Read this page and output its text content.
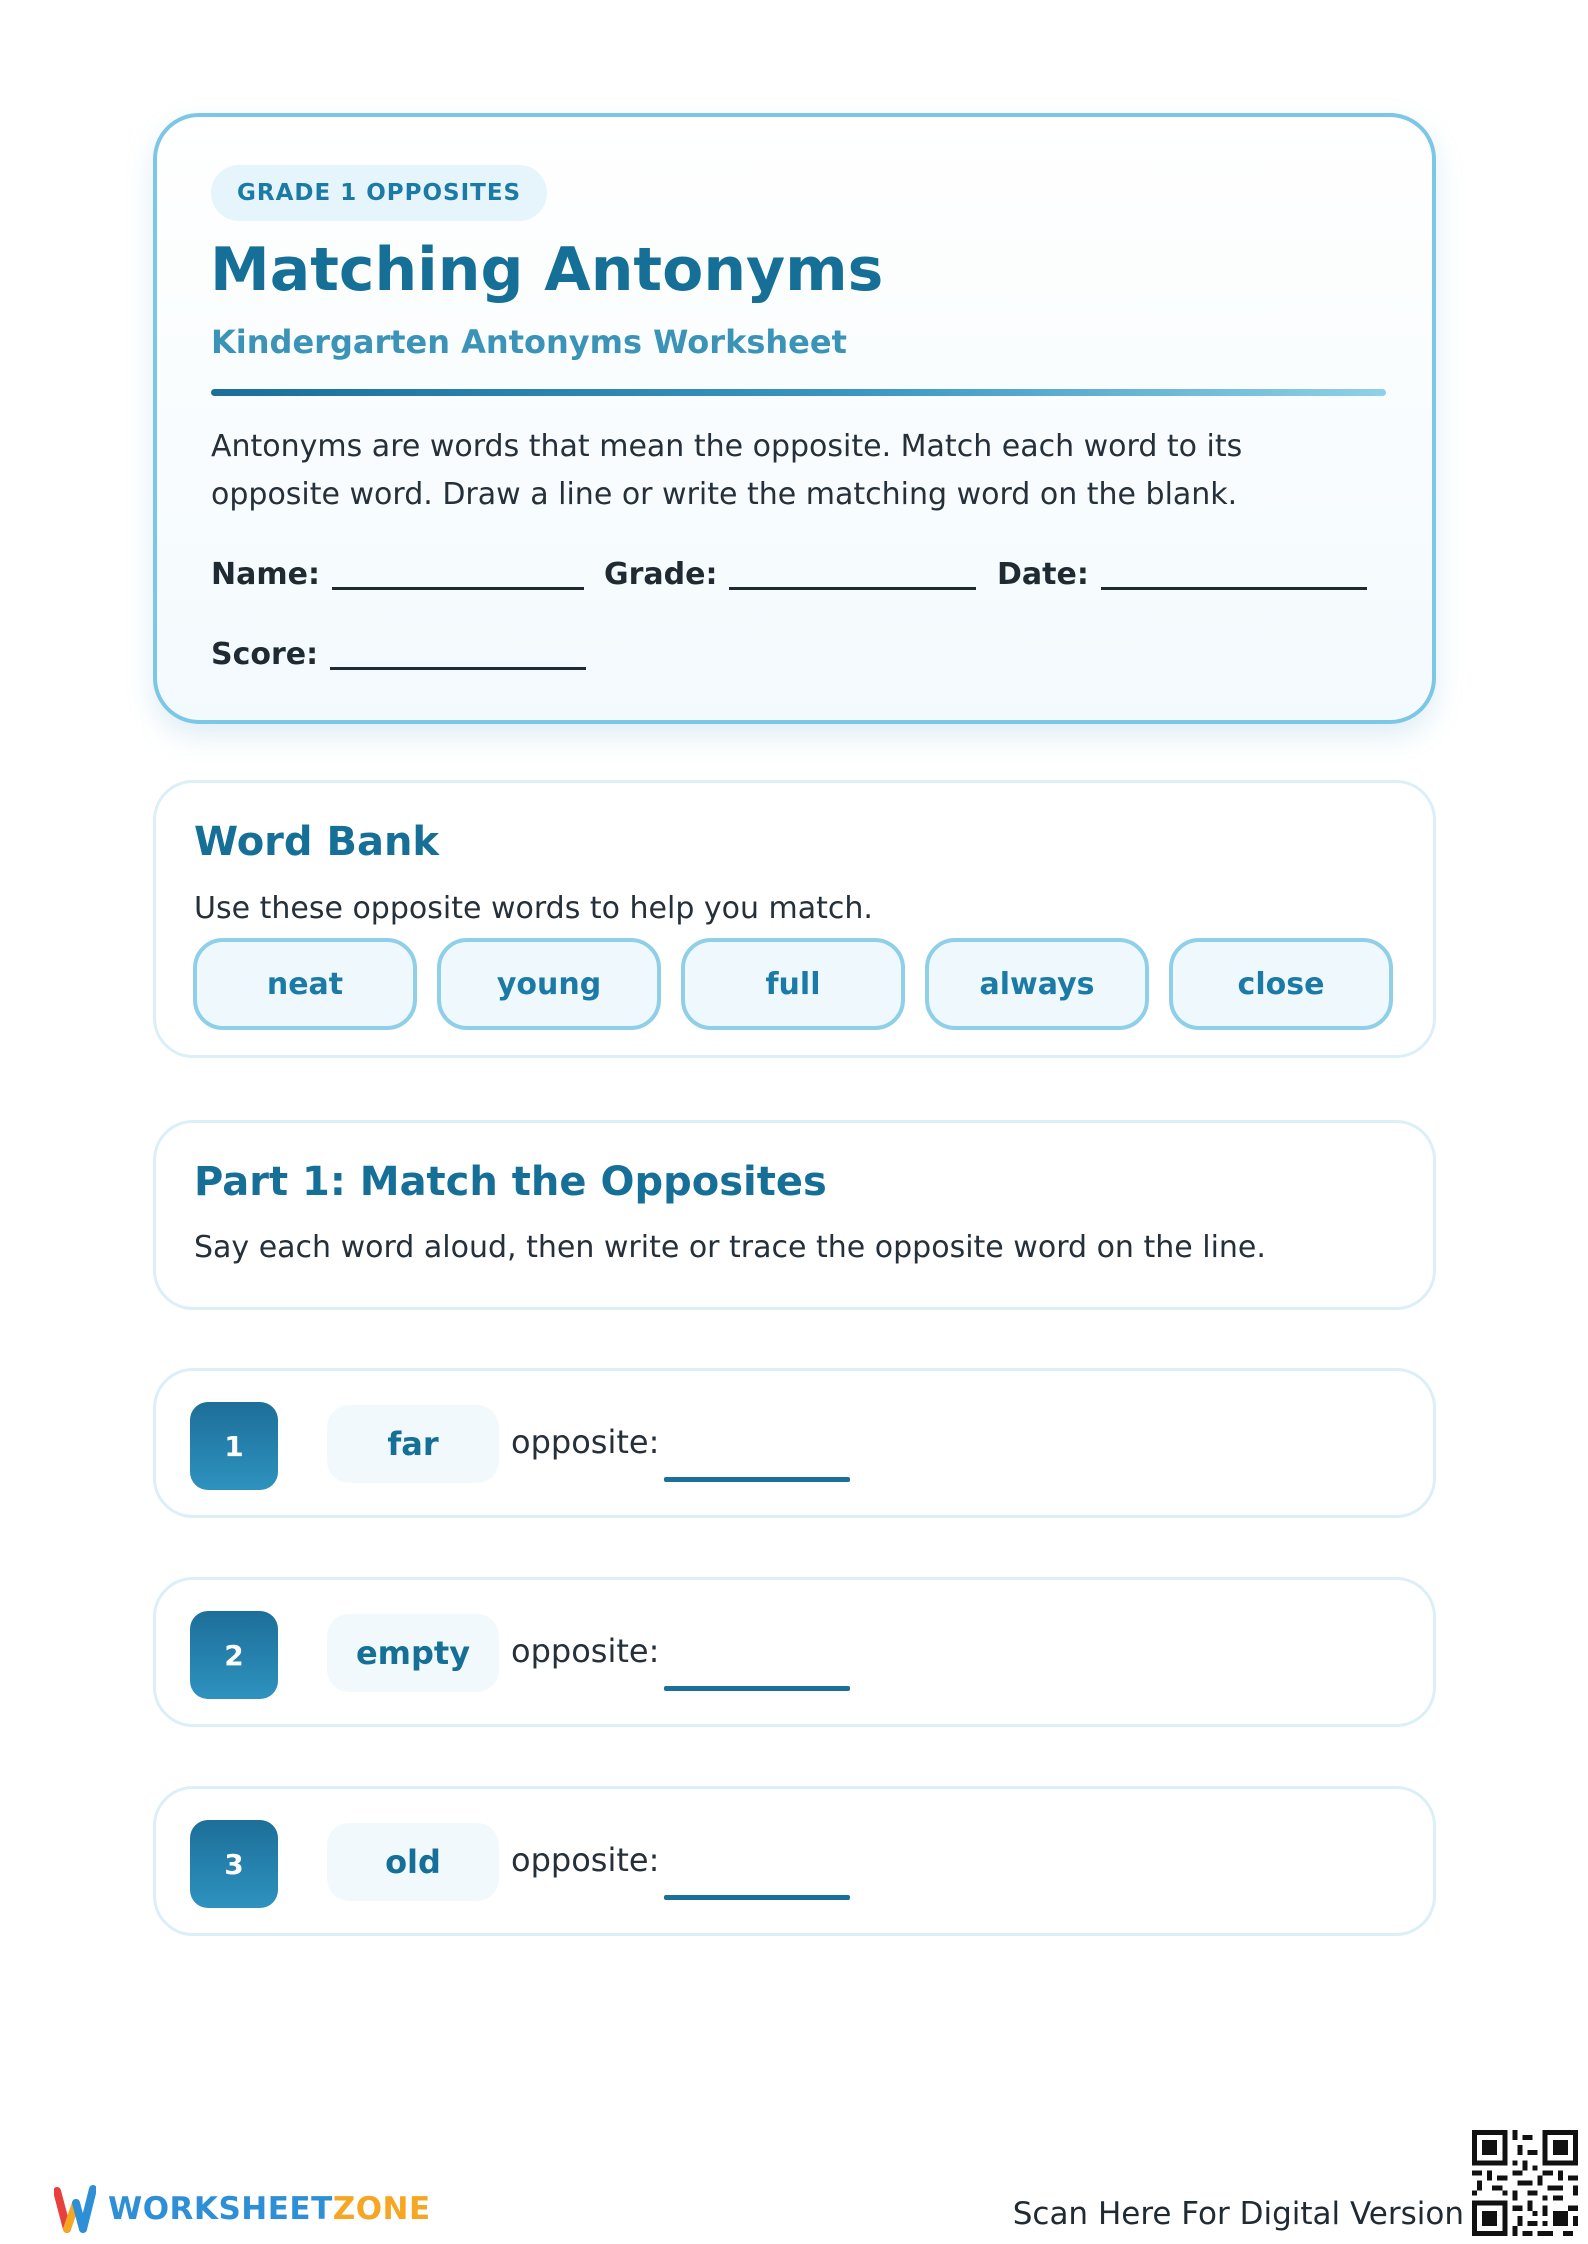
GRADE 1 OPPOSITES
Matching Antonyms
Kindergarten Antonyms Worksheet
Antonyms are words that mean the opposite. Match each word to its opposite word. Draw a line or write the matching word on the blank.
Name:	Grade:	Date:
Score:
Word Bank
Use these opposite words to help you match.
neat	young	full	always	close
Part 1: Match the Opposites
Say each word aloud, then write or trace the opposite word on the line.
1	far	opposite:
2	empty	opposite:
3	old	opposite:
WORKSHEETZONE	Scan Here For Digital Version
